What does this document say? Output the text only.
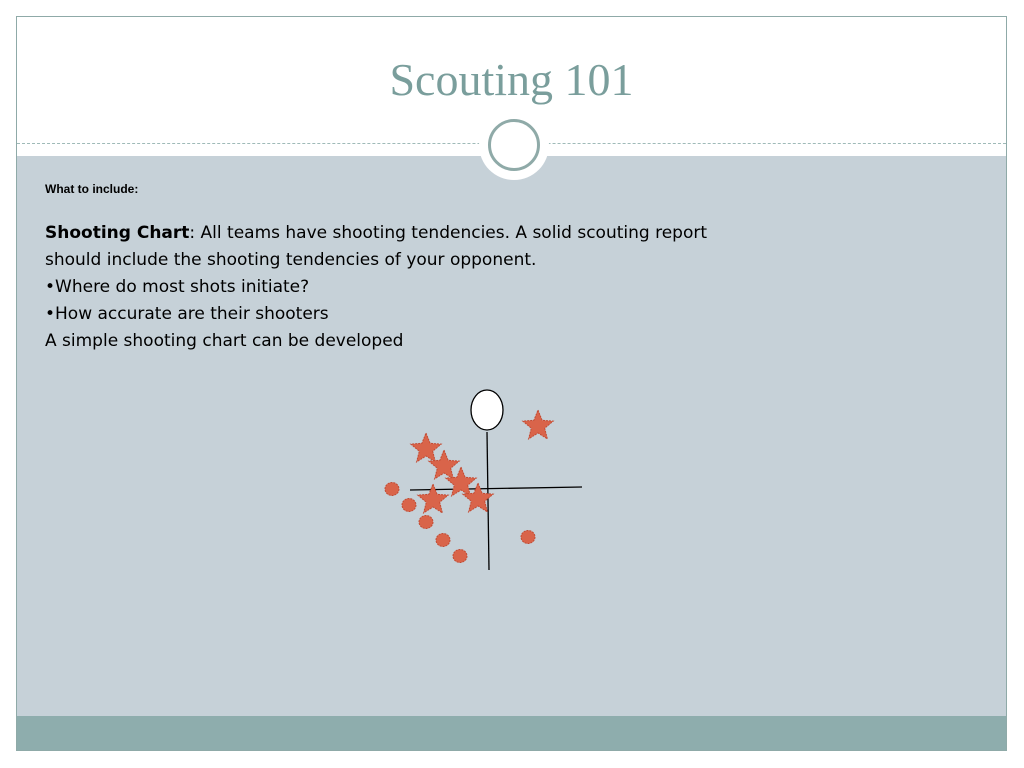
Scouting 101
What to include:
Shooting Chart: All teams have shooting tendencies. A solid scouting report
should include the shooting tendencies of your opponent.
•Where do most shots initiate?
•How accurate are their shooters
A simple shooting chart can be developed
